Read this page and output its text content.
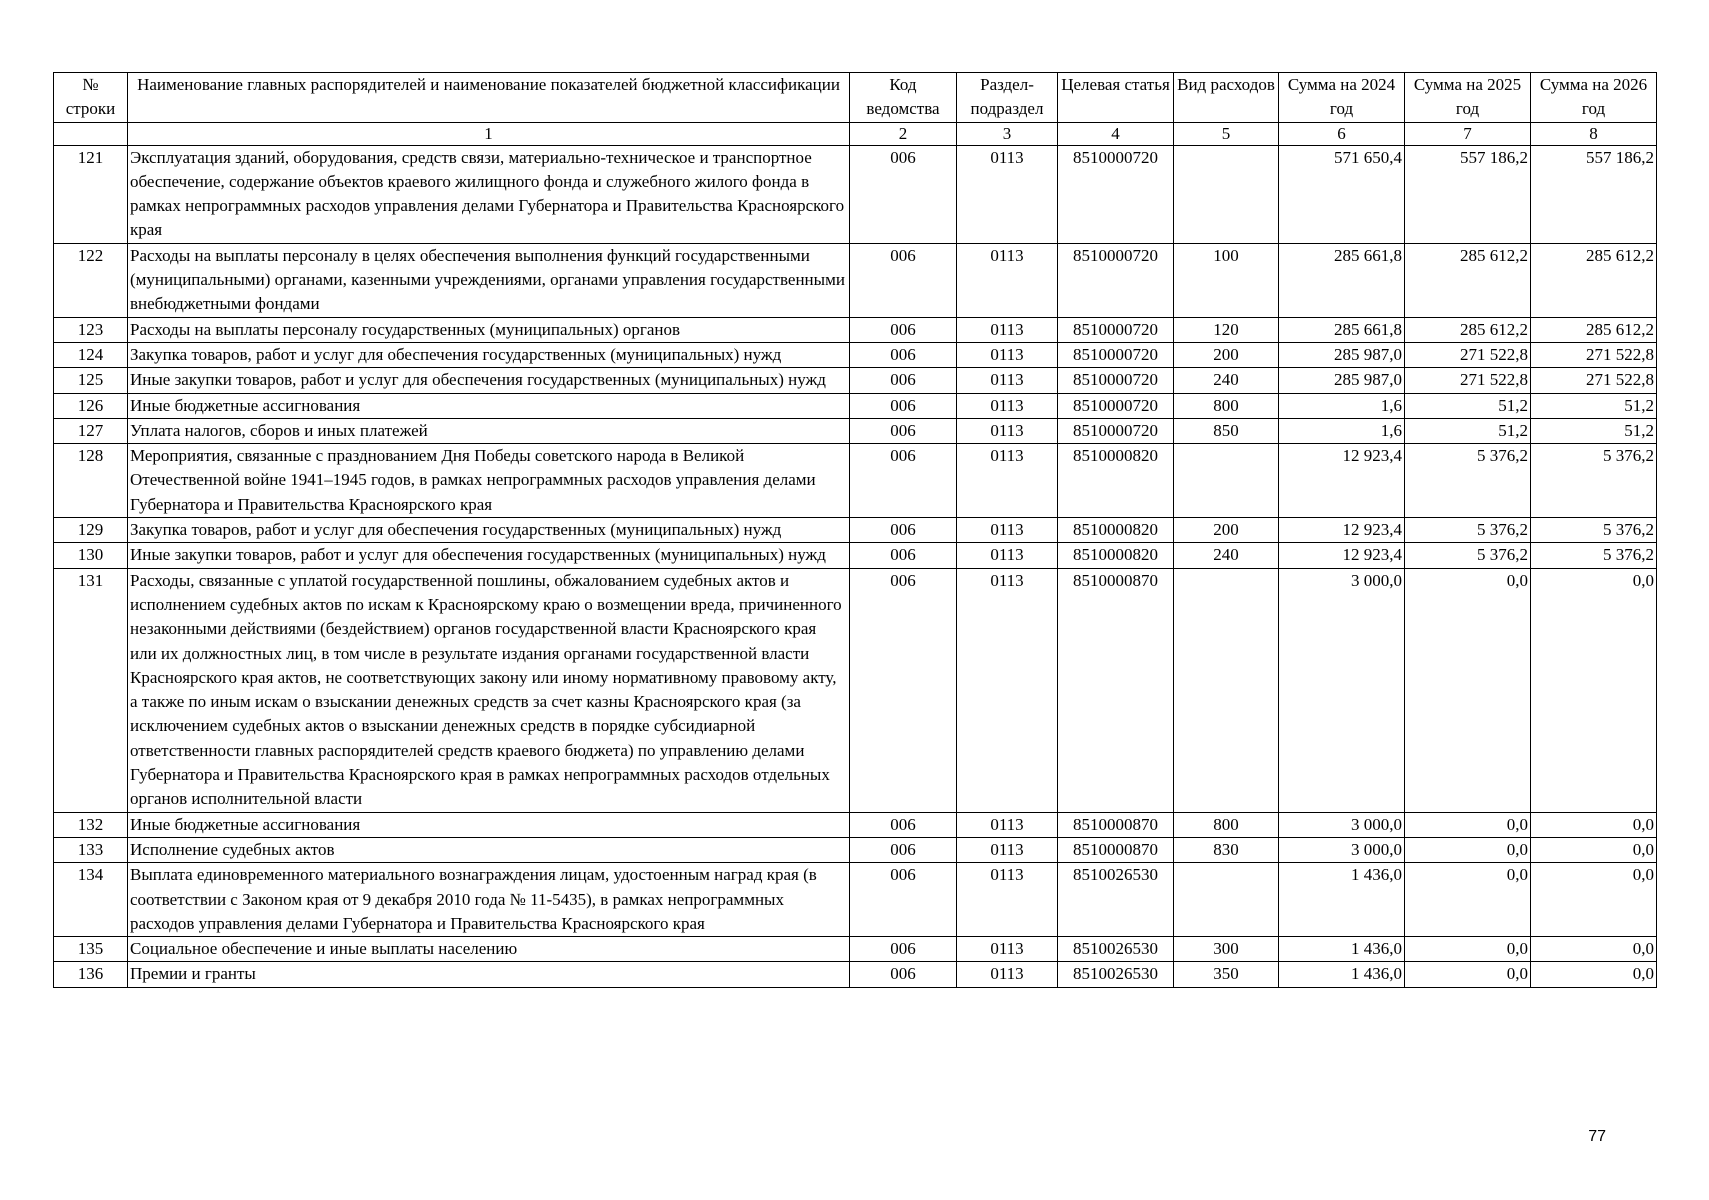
№ строки	Наименование главных распорядителей и наименование показателей бюджетной классификации	Код ведомства	Раздел-подраздел	Целевая статья	Вид расходов	Сумма на 2024 год	Сумма на 2025 год	Сумма на 2026 год
	1	2	3	4	5	6	7	8
121	Эксплуатация зданий, оборудования, средств связи, материально-техническое и транспортное обеспечение, содержание объектов краевого жилищного фонда и служебного жилого фонда в рамках непрограммных расходов управления делами Губернатора и Правительства Красноярского края	006	0113	8510000720		571 650,4	557 186,2	557 186,2
122	Расходы на выплаты персоналу в целях обеспечения выполнения функций государственными (муниципальными) органами, казенными учреждениями, органами управления государственными внебюджетными фондами	006	0113	8510000720	100	285 661,8	285 612,2	285 612,2
123	Расходы на выплаты персоналу государственных (муниципальных) органов	006	0113	8510000720	120	285 661,8	285 612,2	285 612,2
124	Закупка товаров, работ и услуг для обеспечения государственных (муниципальных) нужд	006	0113	8510000720	200	285 987,0	271 522,8	271 522,8
125	Иные закупки товаров, работ и услуг для обеспечения государственных (муниципальных) нужд	006	0113	8510000720	240	285 987,0	271 522,8	271 522,8
126	Иные бюджетные ассигнования	006	0113	8510000720	800	1,6	51,2	51,2
127	Уплата налогов, сборов и иных платежей	006	0113	8510000720	850	1,6	51,2	51,2
128	Мероприятия, связанные с празднованием Дня Победы советского народа в Великой Отечественной войне 1941–1945 годов, в рамках непрограммных расходов управления делами Губернатора и Правительства Красноярского края	006	0113	8510000820		12 923,4	5 376,2	5 376,2
129	Закупка товаров, работ и услуг для обеспечения государственных (муниципальных) нужд	006	0113	8510000820	200	12 923,4	5 376,2	5 376,2
130	Иные закупки товаров, работ и услуг для обеспечения государственных (муниципальных) нужд	006	0113	8510000820	240	12 923,4	5 376,2	5 376,2
131	Расходы, связанные с уплатой государственной пошлины, обжалованием судебных актов и исполнением судебных актов по искам к Красноярскому краю о возмещении вреда, причиненного незаконными действиями (бездействием) органов государственной власти Красноярского края или их должностных лиц, в том числе в результате издания органами государственной власти Красноярского края актов, не соответствующих закону или иному нормативному правовому акту, а также по иным искам о взыскании денежных средств за счет казны Красноярского края (за исключением судебных актов о взыскании денежных средств в порядке субсидиарной ответственности главных распорядителей средств краевого бюджета) по управлению делами Губернатора и Правительства Красноярского края в рамках непрограммных расходов отдельных органов исполнительной власти	006	0113	8510000870		3 000,0	0,0	0,0
132	Иные бюджетные ассигнования	006	0113	8510000870	800	3 000,0	0,0	0,0
133	Исполнение судебных актов	006	0113	8510000870	830	3 000,0	0,0	0,0
134	Выплата единовременного материального вознаграждения лицам, удостоенным наград края (в соответствии с Законом края от 9 декабря 2010 года № 11-5435), в рамках непрограммных расходов управления делами Губернатора и Правительства Красноярского края	006	0113	8510026530		1 436,0	0,0	0,0
135	Социальное обеспечение и иные выплаты населению	006	0113	8510026530	300	1 436,0	0,0	0,0
136	Премии и гранты	006	0113	8510026530	350	1 436,0	0,0	0,0
77
